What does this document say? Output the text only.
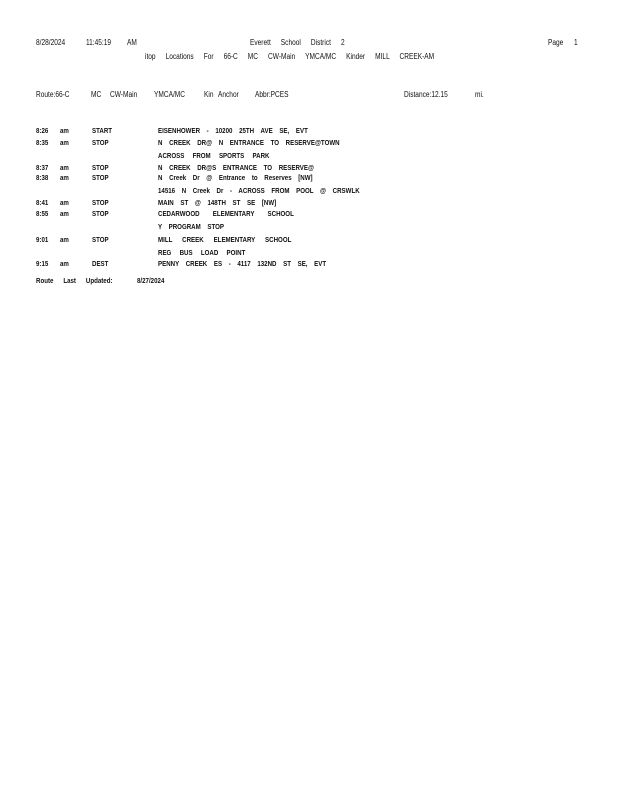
8/28/2024	11:45:19 AM	Everett School District 2	Page 1
itop Locations For 66-C MC CW-Main YMCA/MC Kinder MILL CREEK-AM
Route:66-C	MC CW-Main YMCA/MC Kin Anchor Abbr:PCES	Distance:12.15	mi.
8:26 am	START	EISENHOWER - 10200 25TH AVE SE, EVT
8:35 am	STOP	N CREEK DR@ N ENTRANCE TO RESERVE@TOWN
ACROSS FROM SPORTS PARK
8:37 am	STOP	N CREEK DR@S ENTRANCE TO RESERVE@
8:38 am	STOP	N Creek Dr @ Entrance to Reserves [NW]
14516 N Creek Dr - ACROSS FROM POOL @ CRSWLK
8:41 am	STOP	MAIN ST @ 148TH ST SE [NW]
8:55 am	STOP	CEDARWOOD ELEMENTARY SCHOOL
Y PROGRAM STOP
9:01 am	STOP	MILL CREEK ELEMENTARY SCHOOL
REG BUS LOAD POINT
9:15 am	DEST	PENNY CREEK ES - 4117 132ND ST SE, EVT
Route Last Updated:	8/27/2024
